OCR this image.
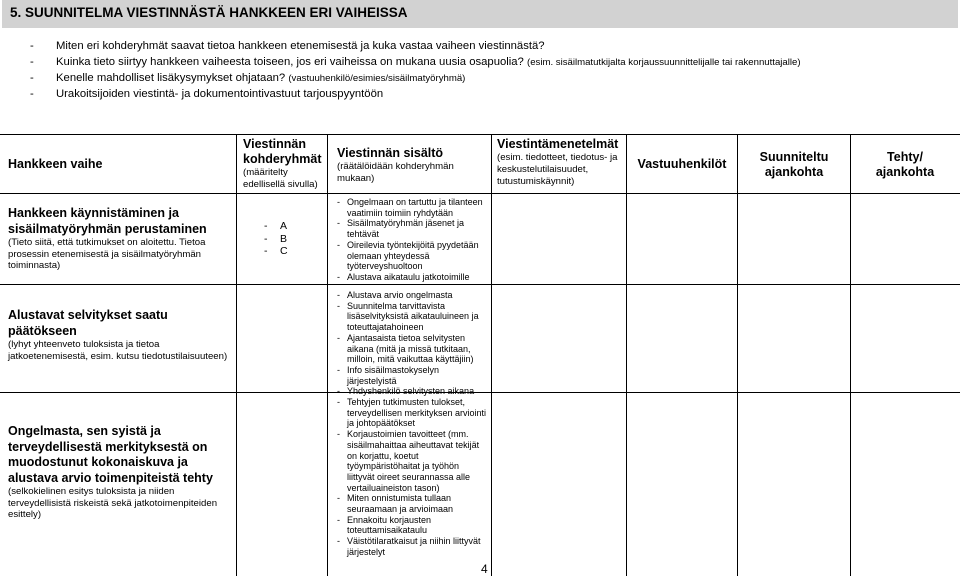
5. SUUNNITELMA VIESTINNÄSTÄ HANKKEEN ERI VAIHEISSA
- Miten eri kohderyhmät saavat tietoa hankkeen etenemisestä ja kuka vastaa vaiheen viestinnästä?
- Kuinka tieto siirtyy hankkeen vaiheesta toiseen, jos eri vaiheissa on mukana uusia osapuolia? (esim. sisäilmatutkijalta korjaussuunnittelijalle tai rakennuttajalle)
- Kenelle mahdolliset lisäkysymykset ohjataan? (vastuuhenkilö/esimies/sisäilmatyöryhmä)
- Urakoitsijoiden viestintä- ja dokumentointivastuut tarjouspyyntöön
Hankkeen vaihe
Viestinnän kohderyhmät
(määritelty edellisellä sivulla)
Viestinnän sisältö
(räätälöidään kohderyhmän mukaan)
Viestintämenetelmät
(esim. tiedotteet, tiedotus- ja keskustelutilaisuudet, tutustumiskäynnit)
Vastuuhenkilöt	Suunniteltu ajankohta
Tehty/ ajankohta
Hankkeen käynnistäminen ja sisäilmatyöryhmän perustaminen
(Tieto siitä, että tutkimukset on aloitettu. Tietoa prosessin etenemisestä ja sisäilmatyöryhmän toiminnasta)
- A
- B
- C
- Ongelmaan on tartuttu ja tilanteen vaatimiin toimiin ryhdytään
- Sisäilmatyöryhmän jäsenet ja tehtävät
- Oireilevia työntekijöitä pyydetään olemaan yhteydessä työterveyshuoltoon
- Alustava aikataulu jatkotoimille
Alustavat selvitykset saatu päätökseen
(lyhyt yhteenveto tuloksista ja tietoa jatkoetenemisestä, esim. kutsu tiedotustilaisuuteen)
- Alustava arvio ongelmasta
- Suunnitelma tarvittavista lisäselvityksistä aikatauluineen ja toteuttajatahoineen
- Ajantasaista tietoa selvitysten aikana (mitä ja missä tutkitaan, milloin, mitä vaikuttaa käyttäjiin)
- Info sisäilmastokyselyn järjestelyistä
- Yhdyshenkilö selvitysten aikana
Ongelmasta, sen syistä ja terveydellisestä merkityksestä on muodostunut kokonaiskuva ja alustava arvio toimenpiteistä tehty
(selkokielinen esitys tuloksista ja niiden terveydellisistä riskeistä sekä jatkotoimenpiteiden esittely)
- Tehtyjen tutkimusten tulokset, terveydellisen merkityksen arviointi ja johtopäätökset
- Korjaustoimien tavoitteet (mm. sisäilmahaittaa aiheuttavat tekijät on korjattu, koetut työympäristöhaitat ja työhön liittyvät oireet seurannassa alle vertailuaineiston tason)
- Miten onnistumista tullaan seuraamaan ja arvioimaan
- Ennakoitu korjausten toteuttamisaikataulu
- Väistötilaratkaisut ja niihin liittyvät järjestelyt
4
